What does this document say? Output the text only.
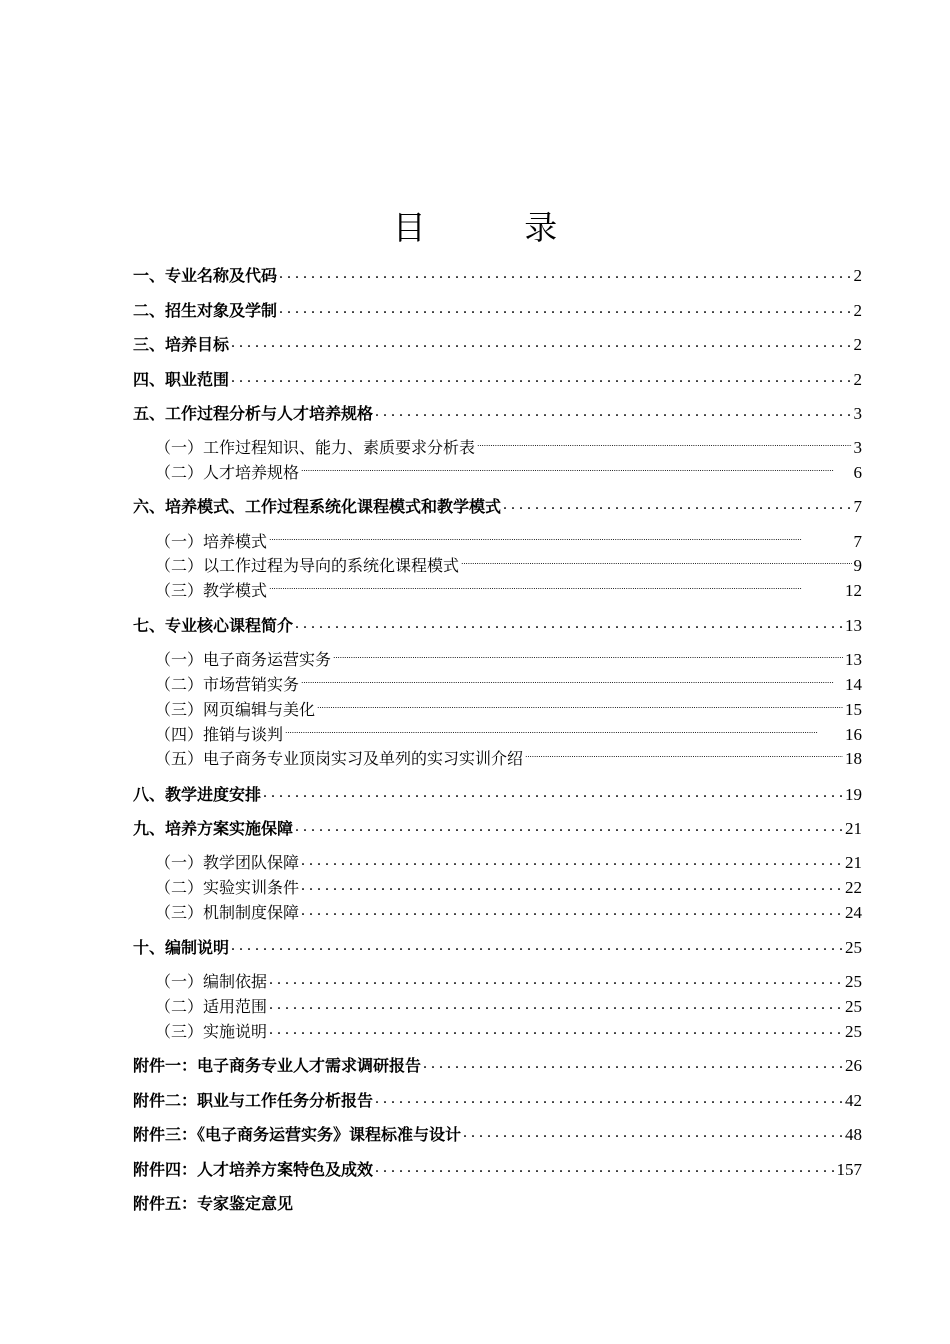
目 录
一、专业名称及代码 . . .	2
二、招生对象及学制 . . .	2
三、培养目标 . . .	2
四、职业范围 . . .	2
五、工作过程分析与人才培养规格 . . .	3
（一）工作过程知识、能力、素质要求分析表 .....	3
（二）人才培养规格 .....	6
六、培养模式、工作过程系统化课程模式和教学模式 . . .	7
（一）培养模式 .....	7
（二）以工作过程为导向的系统化课程模式 .....	9
（三）教学模式 .....	12
七、专业核心课程简介 . . .	13
（一）电子商务运营实务 .....	13
（二）市场营销实务 .....	14
（三）网页编辑与美化 .....	15
（四）推销与谈判 .....	16
（五）电子商务专业顶岗实习及单列的实习实训介绍 .....	18
八、教学进度安排 . . .	19
九、培养方案实施保障 . . .	21
（一）教学团队保障 . . .	21
（二）实验实训条件 . . .	22
（三）机制制度保障 . . .	24
十、编制说明 . . .	25
（一）编制依据 . . .	25
（二）适用范围 . . .	25
（三）实施说明 . . .	25
附件一：电子商务专业人才需求调研报告 . . .	26
附件二：职业与工作任务分析报告 . . .	42
附件三：《电子商务运营实务》课程标准与设计 . . .	48
附件四：人才培养方案特色及成效 . . .	157
附件五：专家鉴定意见
